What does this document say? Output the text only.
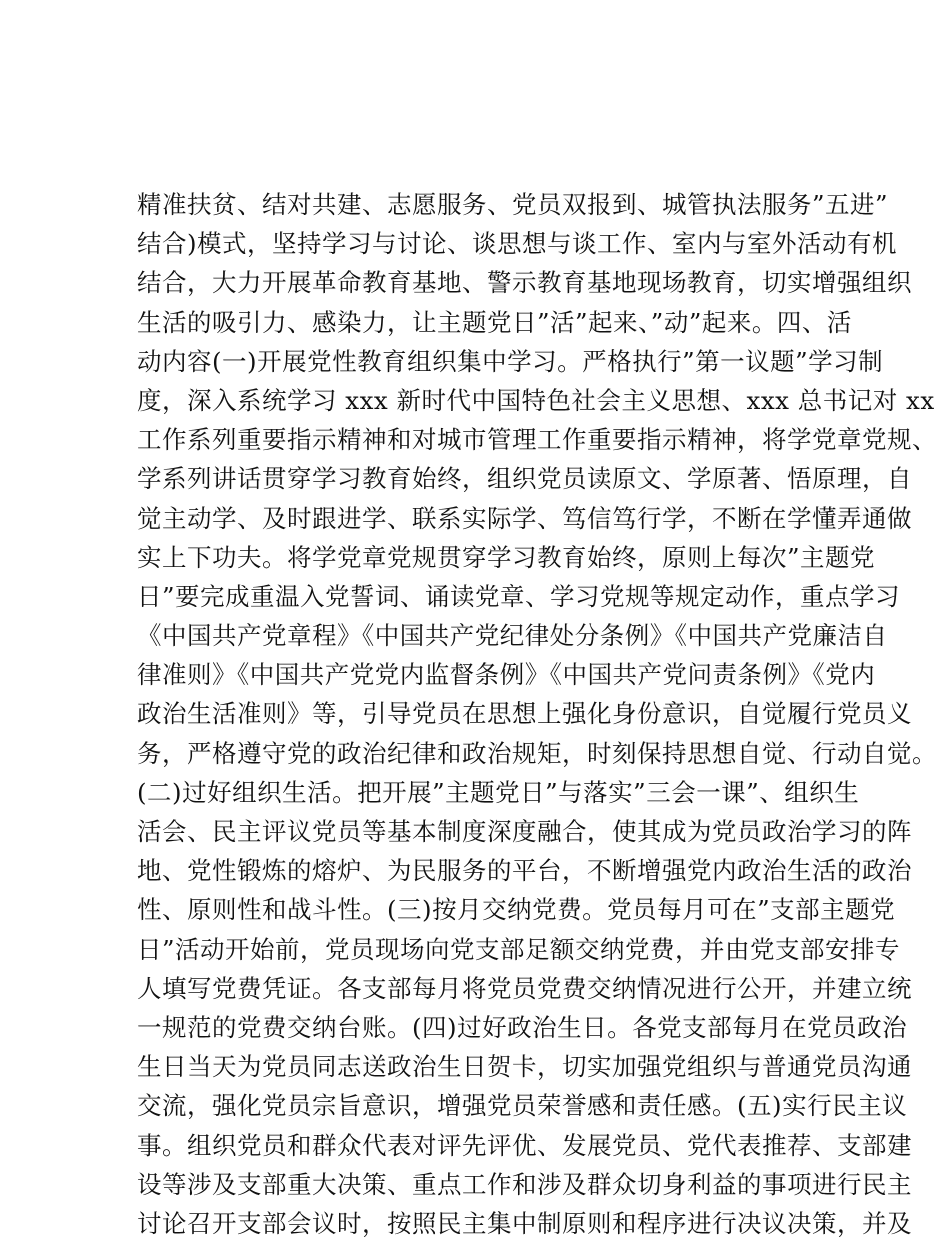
精准扶贫、结对共建、志愿服务、党员双报到、城管执法服务”五进”
结合)模式，坚持学习与讨论、谈思想与谈工作、室内与室外活动有机
结合，大力开展革命教育基地、警示教育基地现场教育，切实增强组织
生活的吸引力、感染力，让主题党日”活”起来、”动”起来。四、活
动内容(一)开展党性教育组织集中学习。严格执行”第一议题”学习制
度，深入系统学习 xxx 新时代中国特色社会主义思想、xxx 总书记对 xx
工作系列重要指示精神和对城市管理工作重要指示精神，将学党章党规、
学系列讲话贯穿学习教育始终，组织党员读原文、学原著、悟原理，自
觉主动学、及时跟进学、联系实际学、笃信笃行学，不断在学懂弄通做
实上下功夫。将学党章党规贯穿学习教育始终，原则上每次”主题党
日”要完成重温入党誓词、诵读党章、学习党规等规定动作，重点学习
《中国共产党章程》《中国共产党纪律处分条例》《中国共产党廉洁自
律准则》《中国共产党党内监督条例》《中国共产党问责条例》《党内
政治生活准则》等，引导党员在思想上强化身份意识，自觉履行党员义
务，严格遵守党的政治纪律和政治规矩，时刻保持思想自觉、行动自觉。
(二)过好组织生活。把开展”主题党日”与落实”三会一课”、组织生
活会、民主评议党员等基本制度深度融合，使其成为党员政治学习的阵
地、党性锻炼的熔炉、为民服务的平台，不断增强党内政治生活的政治
性、原则性和战斗性。(三)按月交纳党费。党员每月可在”支部主题党
日”活动开始前，党员现场向党支部足额交纳党费，并由党支部安排专
人填写党费凭证。各支部每月将党员党费交纳情况进行公开，并建立统
一规范的党费交纳台账。(四)过好政治生日。各党支部每月在党员政治
生日当天为党员同志送政治生日贺卡，切实加强党组织与普通党员沟通
交流，强化党员宗旨意识，增强党员荣誉感和责任感。(五)实行民主议
事。组织党员和群众代表对评先评优、发展党员、党代表推荐、支部建
设等涉及支部重大决策、重点工作和涉及群众切身利益的事项进行民主
讨论召开支部会议时，按照民主集中制原则和程序进行决议决策，并及
